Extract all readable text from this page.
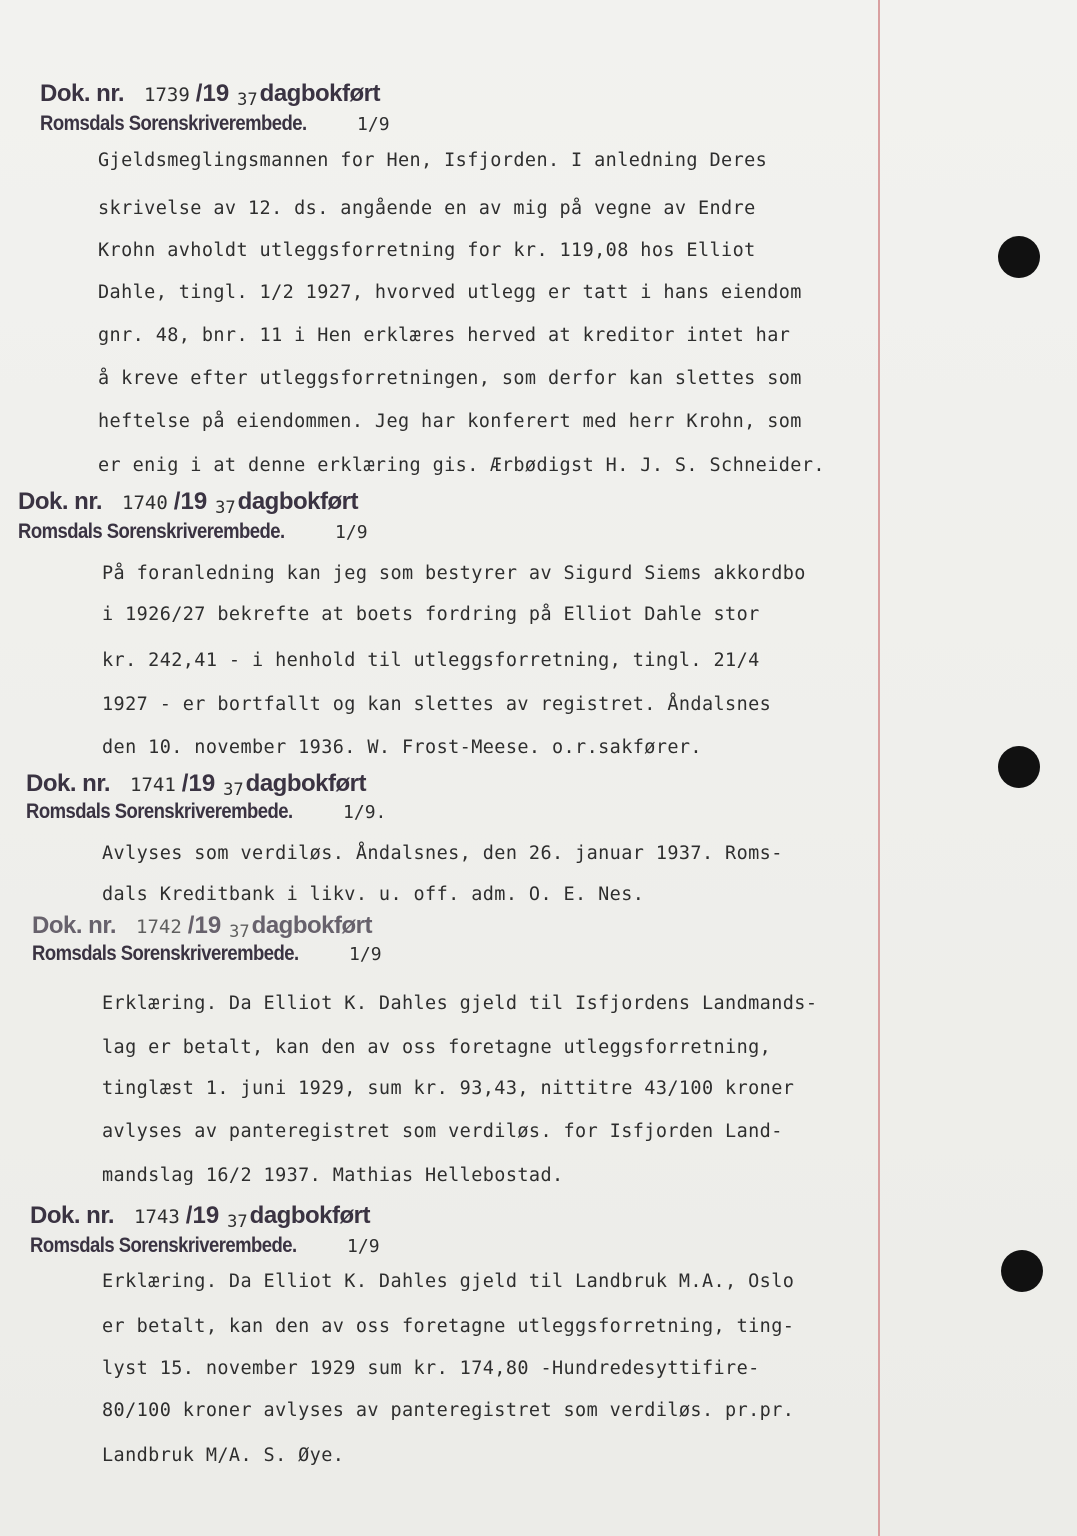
Dok. nr. 1739 /19 37dagbokført
Romsdals Sorenskriverembede.	1/9
Gjeldsmeglingsmannen for Hen, Isfjorden. I anledning Deres
skrivelse av 12. ds. angående en av mig på vegne av Endre
Krohn avholdt utleggsforretning for kr. 119,08 hos Elliot
Dahle, tingl. 1/2 1927, hvorved utlegg er tatt i hans eiendom
gnr. 48, bnr. 11 i Hen erklæres herved at kreditor intet har
å kreve efter utleggsforretningen, som derfor kan slettes som
heftelse på eiendommen. Jeg har konferert med herr Krohn, som
er enig i at denne erklæring gis. Ærbødigst H. J. S. Schneider.
Dok. nr. 1740 /19 37dagbokført
Romsdals Sorenskriverembede.	1/9
På foranledning kan jeg som bestyrer av Sigurd Siems akkordbo
i 1926/27 bekrefte at boets fordring på Elliot Dahle stor
kr. 242,41 - i henhold til utleggsforretning, tingl. 21/4
1927 - er bortfallt og kan slettes av registret. Åndalsnes
den 10. november 1936. W. Frost-Meese. o.r.sakfører.
Dok. nr. 1741 /19 37dagbokført
Romsdals Sorenskriverembede.	1/9.
Avlyses som verdiløs. Åndalsnes, den 26. januar 1937. Roms-
dals Kreditbank i likv. u. off. adm. O. E. Nes.
Dok. nr. 1742 /19 37dagbokført
Romsdals Sorenskriverembede.	1/9
Erklæring. Da Elliot K. Dahles gjeld til Isfjordens Landmands-
lag er betalt, kan den av oss foretagne utleggsforretning,
tinglæst 1. juni 1929, sum kr. 93,43, nittitre 43/100 kroner
avlyses av panteregistret som verdiløs. for Isfjorden Land-
mandslag 16/2 1937. Mathias Hellebostad.
Dok. nr. 1743 /19 37dagbokført
Romsdals Sorenskriverembede.	1/9
Erklæring. Da Elliot K. Dahles gjeld til Landbruk M.A., Oslo
er betalt, kan den av oss foretagne utleggsforretning, ting-
lyst 15. november 1929 sum kr. 174,80 -Hundredesyttifire-
80/100 kroner avlyses av panteregistret som verdiløs. pr.pr.
Landbruk M/A. S. Øye.
